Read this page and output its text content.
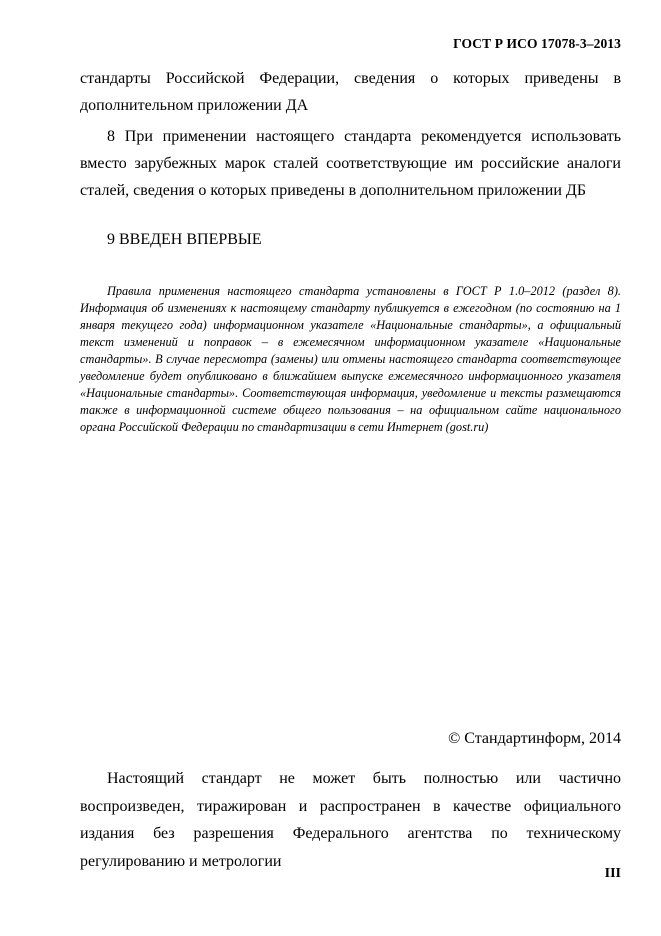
ГОСТ Р ИСО 17078-3–2013

стандарты Российской Федерации, сведения о которых приведены в дополнительном приложении ДА

8 При применении настоящего стандарта рекомендуется использовать вместо зарубежных марок сталей соответствующие им российские аналоги сталей, сведения о которых приведены в дополнительном приложении ДБ

9 ВВЕДЕН ВПЕРВЫЕ

Правила применения настоящего стандарта установлены в ГОСТ Р 1.0–2012 (раздел 8). Информация об изменениях к настоящему стандарту публикуется в ежегодном (по состоянию на 1 января текущего года) информационном указателе «Национальные стандарты», а официальный текст изменений и поправок – в ежемесячном информационном указателе «Национальные стандарты». В случае пересмотра (замены) или отмены настоящего стандарта соответствующее уведомление будет опубликовано в ближайшем выпуске ежемесячного информационного указателя «Национальные стандарты». Соответствующая информация, уведомление и тексты размещаются также в информационной системе общего пользования – на официальном сайте национального органа Российской Федерации по стандартизации в сети Интернет (gost.ru)

© Стандартинформ, 2014

Настоящий стандарт не может быть полностью или частично воспроизведен, тиражирован и распространен в качестве официального издания без разрешения Федерального агентства по техническому регулированию и метрологии

III
